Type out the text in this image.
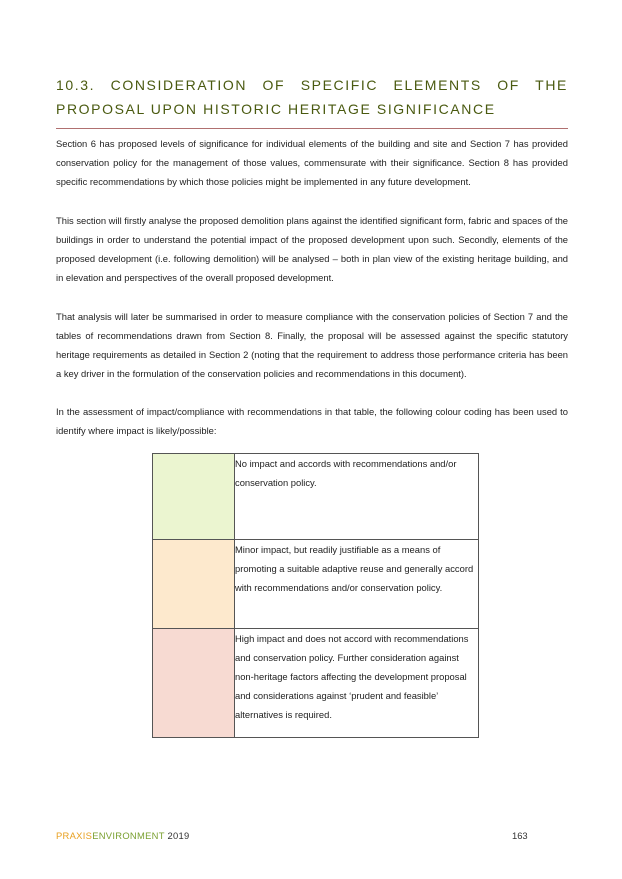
10.3. CONSIDERATION OF SPECIFIC ELEMENTS OF THE PROPOSAL UPON HISTORIC HERITAGE SIGNIFICANCE

Section 6 has proposed levels of significance for individual elements of the building and site and Section 7 has provided conservation policy for the management of those values, commensurate with their significance. Section 8 has provided specific recommendations by which those policies might be implemented in any future development.

This section will firstly analyse the proposed demolition plans against the identified significant form, fabric and spaces of the buildings in order to understand the potential impact of the proposed development upon such. Secondly, elements of the proposed development (i.e. following demolition) will be analysed – both in plan view of the existing heritage building, and in elevation and perspectives of the overall proposed development.

That analysis will later be summarised in order to measure compliance with the conservation policies of Section 7 and the tables of recommendations drawn from Section 8. Finally, the proposal will be assessed against the specific statutory heritage requirements as detailed in Section 2 (noting that the requirement to address those performance criteria has been a key driver in the formulation of the conservation policies and recommendations in this document).

In the assessment of impact/compliance with recommendations in that table, the following colour coding has been used to identify where impact is likely/possible:

	No impact and accords with recommendations and/or conservation policy.
	Minor impact, but readily justifiable as a means of promoting a suitable adaptive reuse and generally accord with recommendations and/or conservation policy.
	High impact and does not accord with recommendations and conservation policy. Further consideration against non-heritage factors affecting the development proposal and considerations against ‘prudent and feasible’ alternatives is required.
PRAXISENVIRONMENT 2019	163
